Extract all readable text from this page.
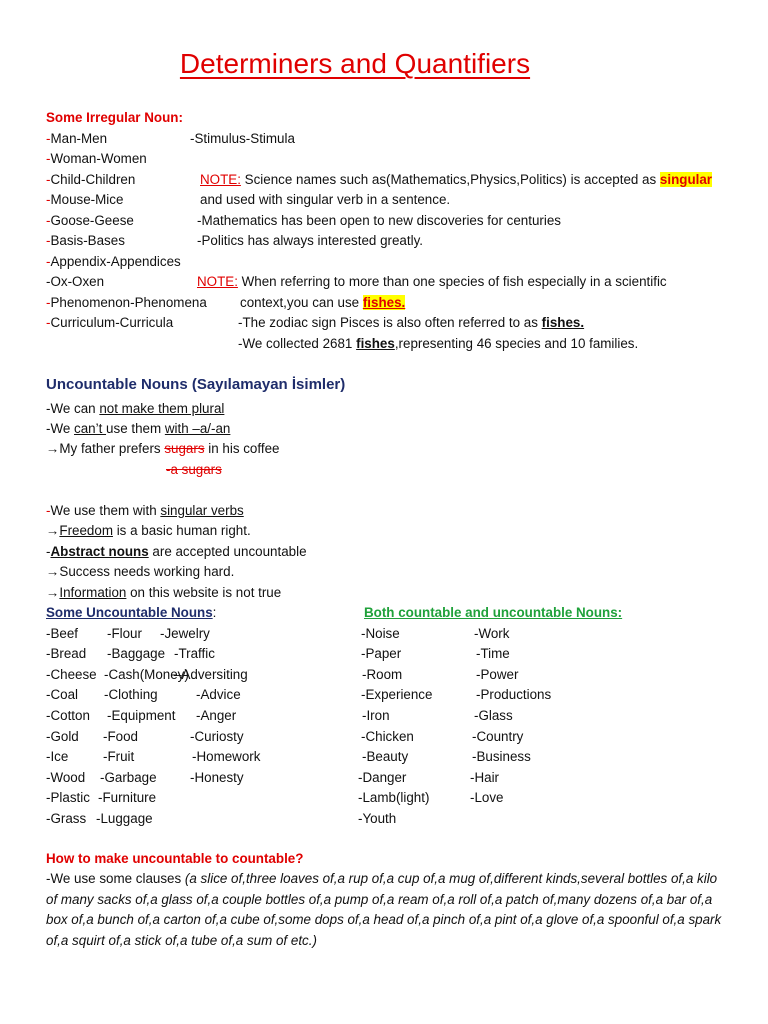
Determiners and Quantifiers
Some Irregular Noun:
-Man-Men
-Woman-Women
-Child-Children
-Mouse-Mice
-Goose-Geese
-Basis-Bases
-Appendix-Appendices
-Ox-Oxen
-Phenomenon-Phenomena
-Curriculum-Curricula
-Stimulus-Stimula
NOTE: Science names such as(Mathematics,Physics,Politics) is accepted as singular
and used with singular verb in a sentence.
-Mathematics has been open to new discoveries for centuries
-Politics has always interested greatly.
NOTE: When referring to more than one species of fish especially in a scientific
context,you can use fishes.
-The zodiac sign Pisces is also often referred to as fishes.
-We collected 2681 fishes,representing 46 species and 10 families.
Uncountable Nouns (Sayılamayan İsimler)
-We can not make them plural
-We can’t use them with –a/-an
→My father prefers sugars in his coffee
-a sugars
-We use them with singular verbs
→Freedom is a basic human right.
-Abstract nouns are accepted uncountable
→Success needs working hard.
→Information on this website is not true
Some Uncountable Nouns:	Both countable and uncountable Nouns:
-Beef
-Bread
-Cheese
-Coal
-Cotton
-Gold
-Ice
-Wood
-Plastic
-Grass
-Flour
-Baggage
-Cash(Money)
-Clothing
-Equipment
-Food
-Fruit
-Garbage
-Furniture
-Luggage
-Jewelry
-Traffic
–Adversiting
-Advice
-Anger
-Curiosty
-Homework
-Honesty
-Noise
-Paper
-Room
-Experience
-Iron
-Chicken
-Beauty
-Danger
-Lamb(light)
-Youth
-Work
-Time
-Power
-Productions
-Glass
-Country
-Business
-Hair
-Love
How to make uncountable to countable?
-We use some clauses (a slice of,three loaves of,a rup of,a cup of,a mug of,different kinds,several bottles of,a kilo of many sacks of,a glass of,a couple bottles of,a pump of,a ream of,a roll of,a patch of,many dozens of,a bar of,a box of,a bunch of,a carton of,a cube of,some dops of,a head of,a pinch of,a pint of,a glove of,a spoonful of,a spark of,a squirt of,a stick of,a tube of,a sum of etc.)
